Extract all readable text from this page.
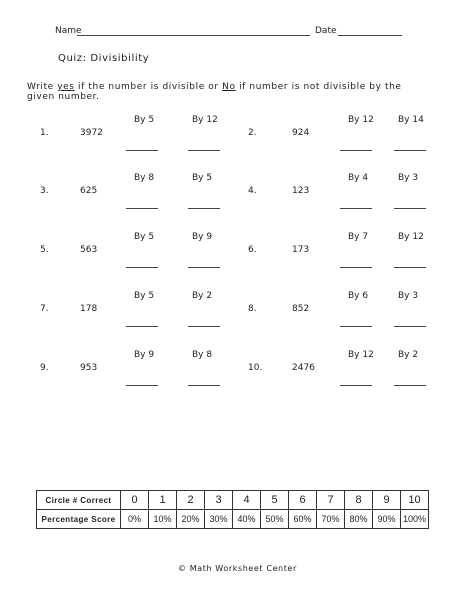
Name	Date
Quiz: Divisibility
Write yes if the number is divisible or No if number is not divisible by the
given number.
By 5	By 12
1.	3972
By 12	By 14
2.	924
By 8	By 5
3.	625
By 4	By 3
4.	123
By 5	By 9
5.	563
By 7	By 12
6.	173
By 5	By 2
7.	178
By 6	By 3
8.	852
By 9	By 8
9.	953
By 12	By 2
10.	2476
Circle # Correct	0	1	2	3	4	5	6	7	8	9	10
Percentage Score	0%	10%	20%	30%	40%	50%	60%	70%	80%	90%	100%
© Math Worksheet Center
